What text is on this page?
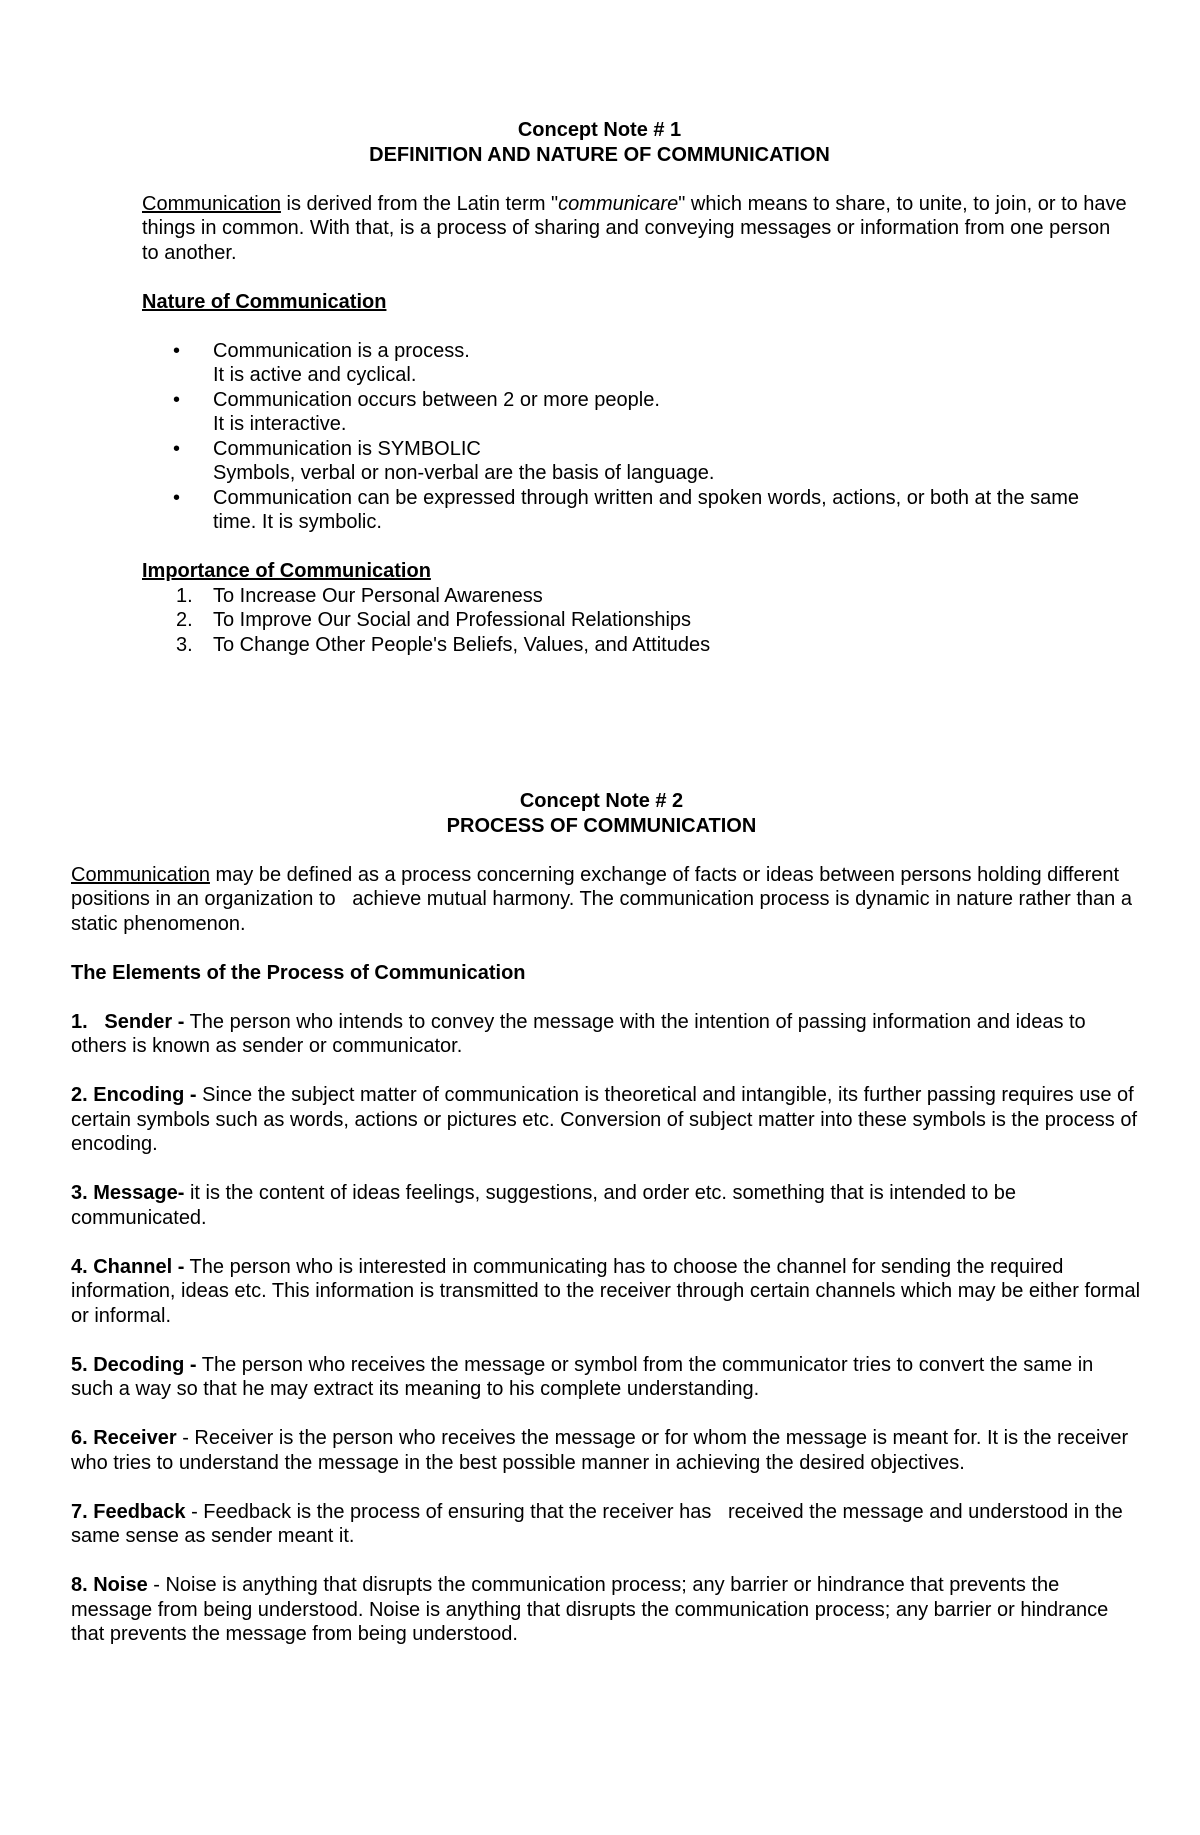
Concept Note # 1
DEFINITION AND NATURE OF COMMUNICATION

Communication is derived from the Latin term "communicare" which means to share, to unite, to join, or to have things in common. With that, is a process of sharing and conveying messages or information from one person to another.

Nature of Communication

• Communication is a process.
It is active and cyclical.
• Communication occurs between 2 or more people.
It is interactive.
• Communication is SYMBOLIC
Symbols, verbal or non-verbal are the basis of language.
• Communication can be expressed through written and spoken words, actions, or both at the same time. It is symbolic.

Importance of Communication

1. To Increase Our Personal Awareness
2. To Improve Our Social and Professional Relationships
3. To Change Other People's Beliefs, Values, and Attitudes
Concept Note # 2
PROCESS OF COMMUNICATION

Communication may be defined as a process concerning exchange of facts or ideas between persons holding different positions in an organization to   achieve mutual harmony. The communication process is dynamic in nature rather than a static phenomenon.

The Elements of the Process of Communication

1.   Sender - The person who intends to convey the message with the intention of passing information and ideas to others is known as sender or communicator.

2. Encoding - Since the subject matter of communication is theoretical and intangible, its further passing requires use of certain symbols such as words, actions or pictures etc. Conversion of subject matter into these symbols is the process of encoding.

3. Message- it is the content of ideas feelings, suggestions, and order etc. something that is intended to be communicated.

4. Channel - The person who is interested in communicating has to choose the channel for sending the required information, ideas etc. This information is transmitted to the receiver through certain channels which may be either formal or informal.

5. Decoding - The person who receives the message or symbol from the communicator tries to convert the same in such a way so that he may extract its meaning to his complete understanding.

6. Receiver - Receiver is the person who receives the message or for whom the message is meant for. It is the receiver who tries to understand the message in the best possible manner in achieving the desired objectives.

7. Feedback - Feedback is the process of ensuring that the receiver has   received the message and understood in the same sense as sender meant it.

8. Noise - Noise is anything that disrupts the communication process; any barrier or hindrance that prevents the message from being understood. Noise is anything that disrupts the communication process; any barrier or hindrance that prevents the message from being understood.
